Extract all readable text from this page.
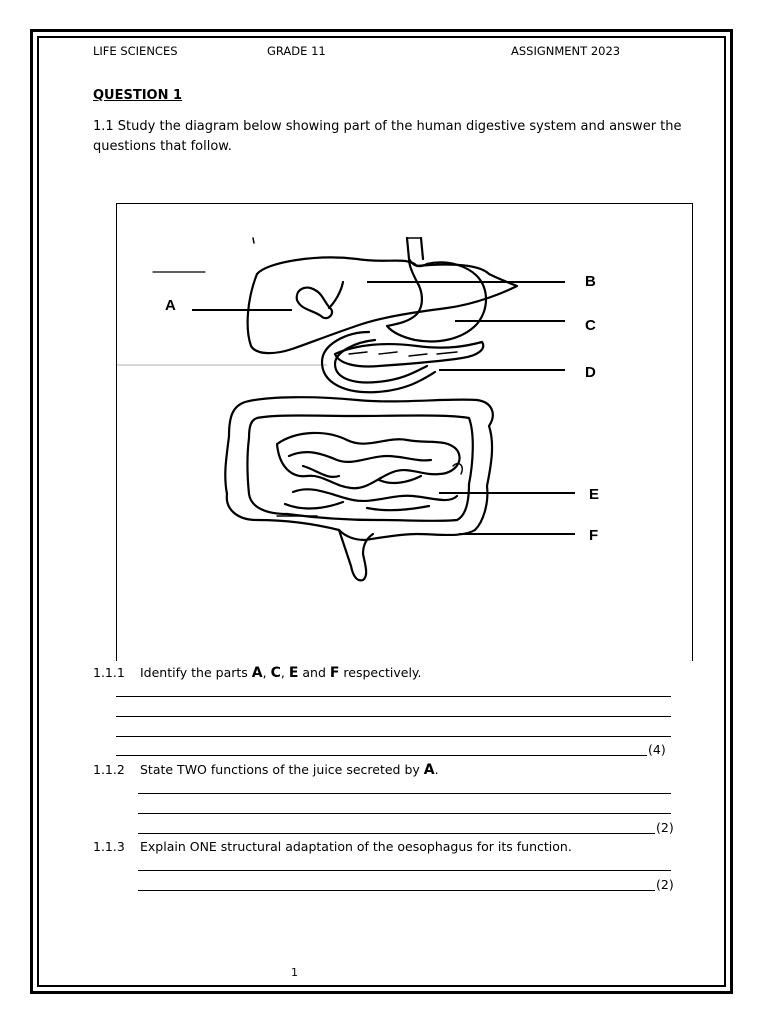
LIFE SCIENCES	GRADE 11	ASSIGNMENT 2023
QUESTION 1
1.1 Study the diagram below showing part of the human digestive system and answer the questions that follow.
A
B
C
D
E
F
1.1.1 Identify the parts A, C, E and F respectively.
(4)
1.1.2 State TWO functions of the juice secreted by A.
(2)
1.1.3 Explain ONE structural adaptation of the oesophagus for its function.
(2)
1
